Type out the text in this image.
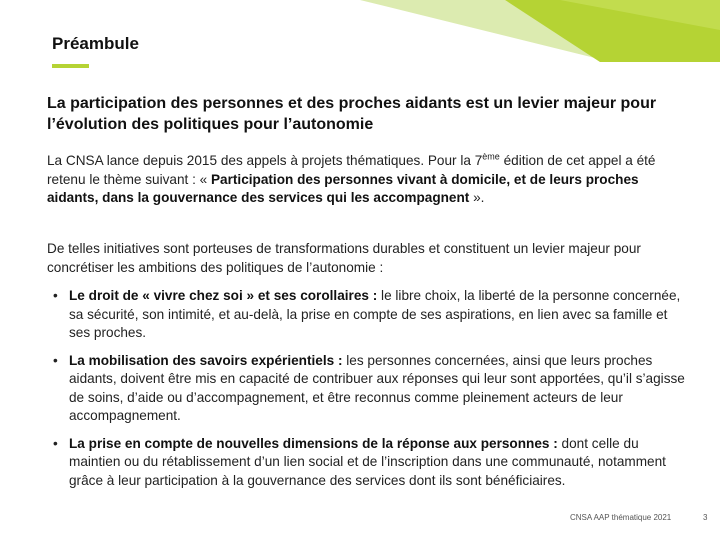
Préambule
La participation des personnes et des proches aidants est un levier majeur pour l’évolution des politiques pour l’autonomie
La CNSA lance depuis 2015 des appels à projets thématiques. Pour la 7ème édition de cet appel a été retenu le thème suivant : « Participation des personnes vivant à domicile, et de leurs proches aidants, dans la gouvernance des services qui les accompagnent ».
De telles initiatives sont porteuses de transformations durables et constituent un levier majeur pour concrétiser les ambitions des politiques de l’autonomie :
• Le droit de « vivre chez soi » et ses corollaires : le libre choix, la liberté de la personne concernée, sa sécurité, son intimité, et au-delà, la prise en compte de ses aspirations, en lien avec sa famille et ses proches.
• La mobilisation des savoirs expérientiels : les personnes concernées, ainsi que leurs proches aidants, doivent être mis en capacité de contribuer aux réponses qui leur sont apportées, qu’il s’agisse de soins, d’aide ou d’accompagnement, et être reconnus comme pleinement acteurs de leur accompagnement.
• La prise en compte de nouvelles dimensions de la réponse aux personnes : dont celle du maintien ou du rétablissement d’un lien social et de l’inscription dans une communauté, notamment grâce à leur participation à la gouvernance des services dont ils sont bénéficiaires.
CNSA AAP thématique 2021	3
